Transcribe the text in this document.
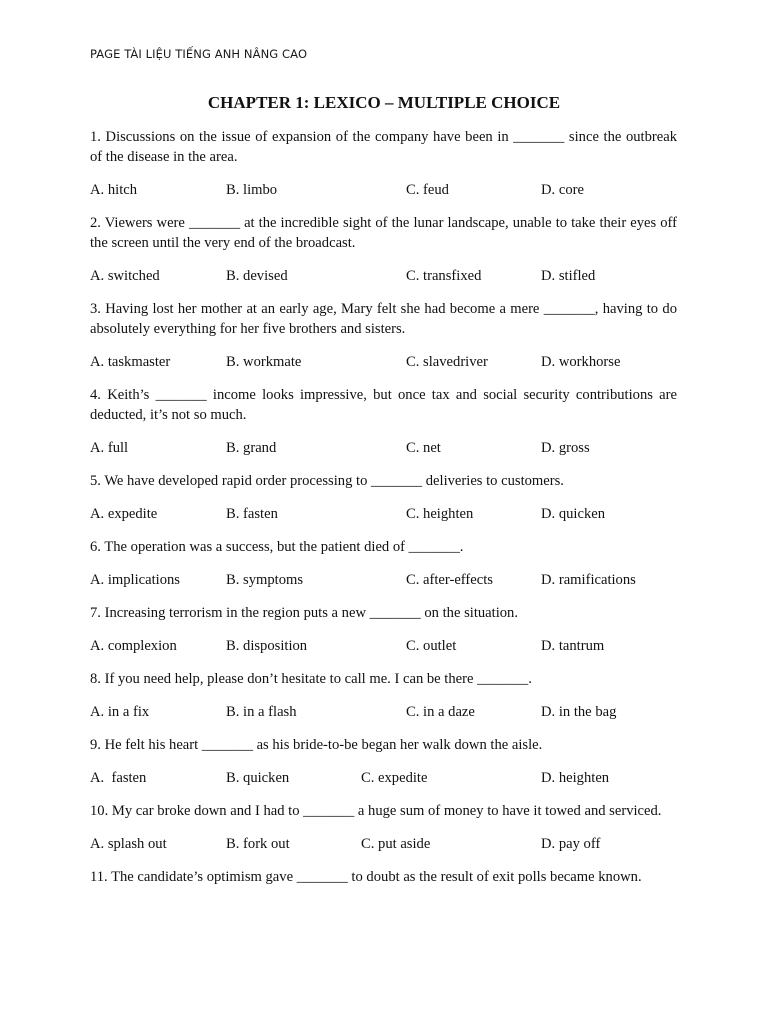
PAGE TÀI LIỆU TIẾNG ANH NÂNG CAO
CHAPTER 1: LEXICO – MULTIPLE CHOICE

1. Discussions on the issue of expansion of the company have been in _______ since the outbreak of the disease in the area.

A. hitch	B. limbo	C. feud	D. core

2. Viewers were _______ at the incredible sight of the lunar landscape, unable to take their eyes off the screen until the very end of the broadcast.

A. switched	B. devised	C. transfixed	D. stifled

3. Having lost her mother at an early age, Mary felt she had become a mere _______, having to do absolutely everything for her five brothers and sisters.

A. taskmaster	B. workmate	C. slavedriver	D. workhorse

4. Keith’s _______ income looks impressive, but once tax and social security contributions are deducted, it’s not so much.

A. full	B. grand	C. net	D. gross

5. We have developed rapid order processing to _______ deliveries to customers.

A. expedite	B. fasten	C. heighten	D. quicken

6. The operation was a success, but the patient died of _______.

A. implications	B. symptoms	C. after-effects	D. ramifications

7. Increasing terrorism in the region puts a new _______ on the situation.

A. complexion	B. disposition	C. outlet	D. tantrum

8. If you need help, please don’t hesitate to call me. I can be there _______.

A. in a fix	B. in a flash	C. in a daze	D. in the bag

9. He felt his heart _______ as his bride-to-be began her walk down the aisle.

A.  fasten	B. quicken	C. expedite	D. heighten

10. My car broke down and I had to _______ a huge sum of money to have it towed and serviced.

A. splash out	B. fork out	C. put aside	D. pay off

11. The candidate’s optimism gave _______ to doubt as the result of exit polls became known.
